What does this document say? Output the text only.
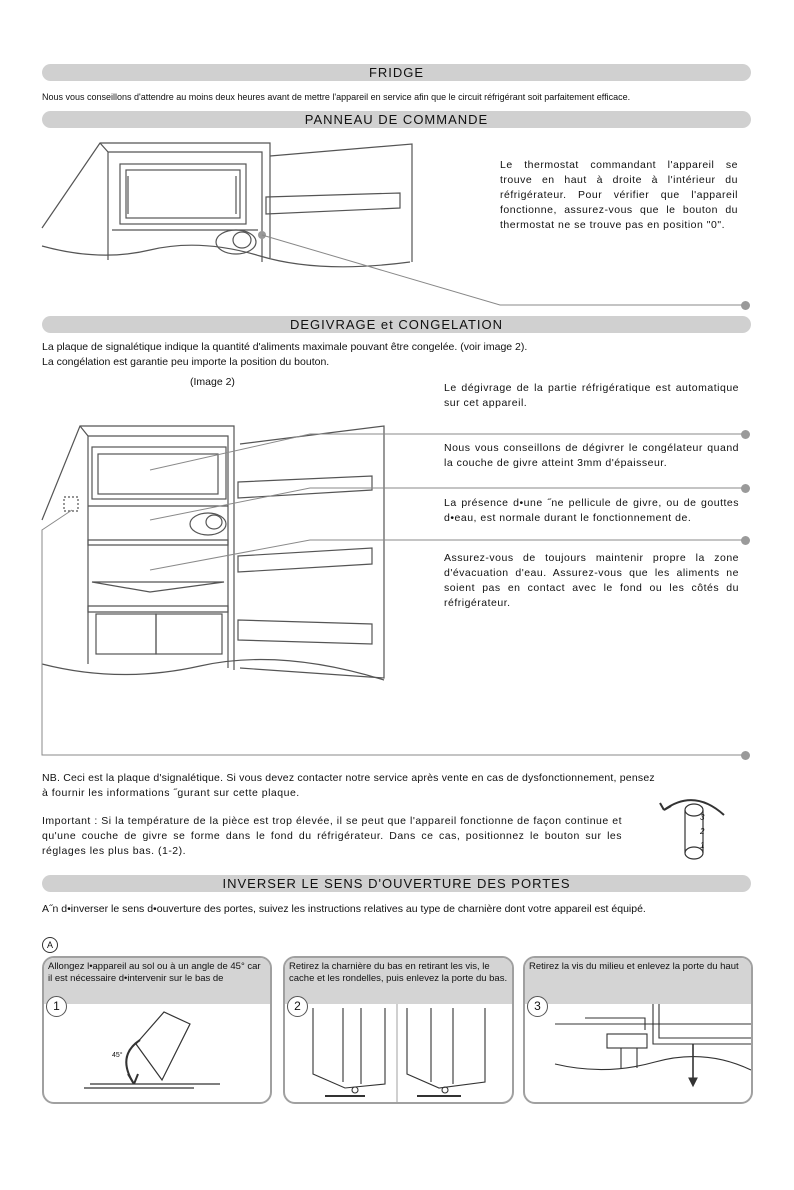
FRIDGE
Nous vous conseillons d'attendre au moins deux heures avant de mettre l'appareil en service afin que le circuit réfrigérant soit parfaitement efficace.
PANNEAU DE COMMANDE
Le thermostat commandant l'appareil se trouve en haut à droite à l'intérieur du réfrigérateur. Pour vérifier que l'appareil fonctionne, assurez-vous que le bouton du thermostat ne se trouve pas en position "0".
DEGIVRAGE et CONGELATION
La plaque de signalétique indique la quantité d'aliments maximale pouvant être congelée. (voir image 2).
La congélation est garantie peu importe la position du bouton.
(Image 2)
3
2
1
Le dégivrage de la partie réfrigératique est automatique sur cet appareil.
Nous vous conseillons de dégivrer le congélateur quand la couche de givre atteint 3mm d'épaisseur.
La présence d•une ˝ne pellicule de givre, ou de gouttes d•eau, est normale durant le fonctionnement de.
Assurez-vous de toujours maintenir propre la zone d'évacuation d'eau. Assurez-vous que les aliments ne soient pas en contact avec le fond ou les côtés du réfrigérateur.
NB. Ceci est la plaque d'signalétique. Si vous devez contacter notre service après vente en cas de dysfonctionnement, pensez
à fournir les informations ˝gurant sur cette plaque.
Important : Si la température de la pièce est trop élevée, il se peut que l'appareil fonctionne de façon continue et qu'une couche de givre se forme dans le fond du réfrigérateur. Dans ce cas, positionnez le bouton sur les réglages les plus bas. (1-2).
INVERSER LE SENS D'OUVERTURE DES PORTES
A˝n d•inverser le sens d•ouverture des portes, suivez les instructions relatives au type de charnière dont votre appareil est équipé.
A
Allongez l•appareil au sol ou à un angle de 45° car il est nécessaire d•intervenir sur le bas de
1
45°
Retirez la charnière du bas en retirant les vis, le cache et les rondelles, puis enlevez la porte du bas.
2
Retirez la vis du milieu et enlevez la porte du haut
3
